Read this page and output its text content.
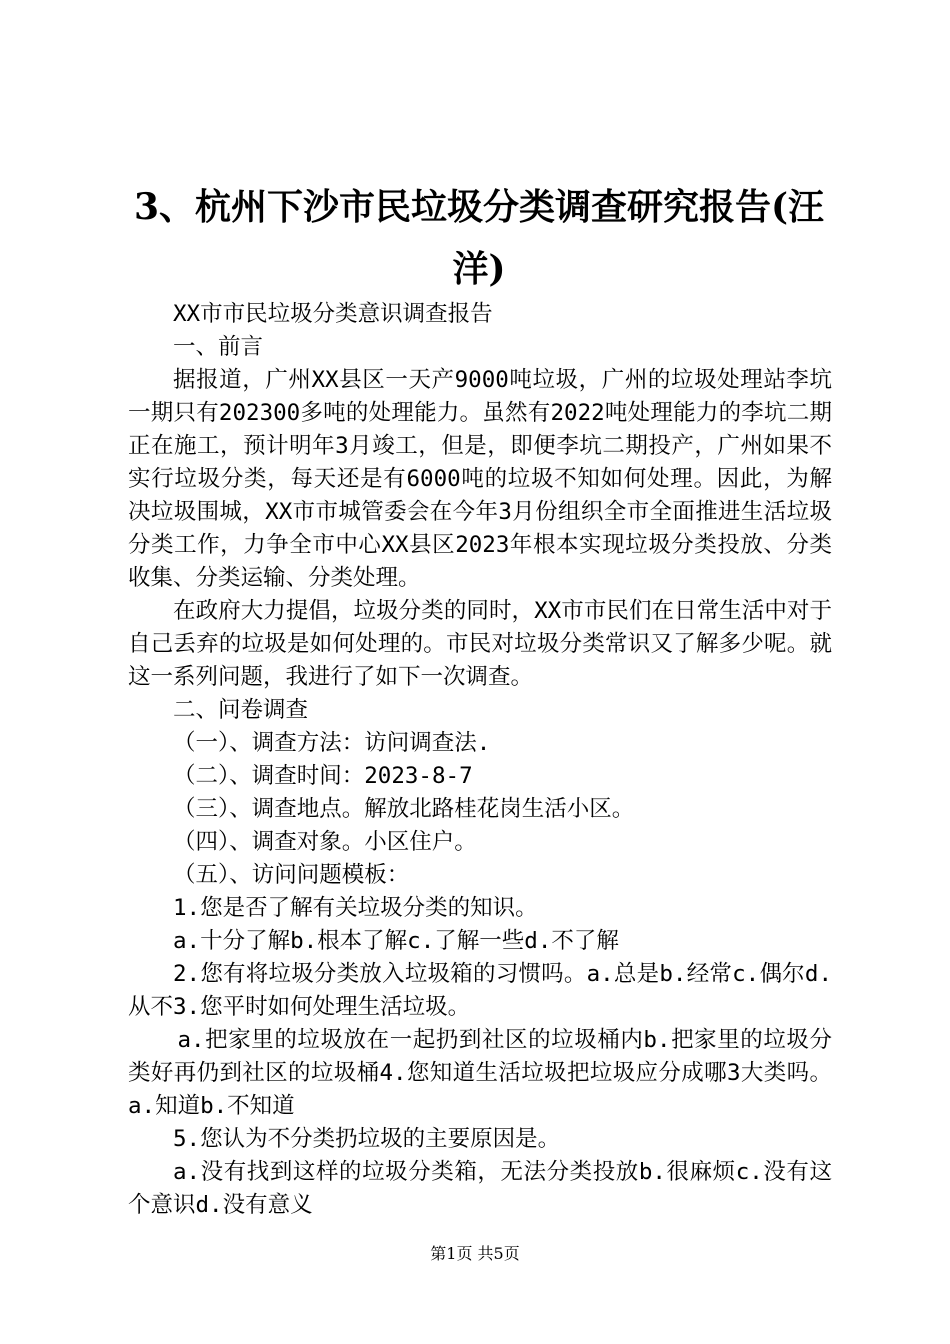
3、杭州下沙市民垃圾分类调查研究报告(汪洋)

XX市市民垃圾分类意识调查报告

一、前言

据报道，广州XX县区一天产9000吨垃圾，广州的垃圾处理站李坑一期只有202300多吨的处理能力。虽然有2022吨处理能力的李坑二期正在施工，预计明年3月竣工，但是，即便李坑二期投产，广州如果不实行垃圾分类，每天还是有6000吨的垃圾不知如何处理。因此，为解决垃圾围城，XX市市城管委会在今年3月份组织全市全面推进生活垃圾分类工作，力争全市中心XX县区2023年根本实现垃圾分类投放、分类收集、分类运输、分类处理。

在政府大力提倡，垃圾分类的同时，XX市市民们在日常生活中对于自己丢弃的垃圾是如何处理的。市民对垃圾分类常识又了解多少呢。就这一系列问题，我进行了如下一次调查。

二、问卷调查

（一）、调查方法：访问调查法.

（二）、调查时间：2023-8-7

（三）、调查地点。解放北路桂花岗生活小区。

（四）、调查对象。小区住户。

（五）、访问问题模板：

1.您是否了解有关垃圾分类的知识。

a.十分了解b.根本了解c.了解一些d.不了解

2.您有将垃圾分类放入垃圾箱的习惯吗。a.总是b.经常c.偶尔d.从不3.您平时如何处理生活垃圾。

a.把家里的垃圾放在一起扔到社区的垃圾桶内b.把家里的垃圾分类好再仍到社区的垃圾桶4.您知道生活垃圾把垃圾应分成哪3大类吗。a.知道b.不知道

5.您认为不分类扔垃圾的主要原因是。

a.没有找到这样的垃圾分类箱，无法分类投放b.很麻烦c.没有这个意识d.没有意义

第1页 共5页
